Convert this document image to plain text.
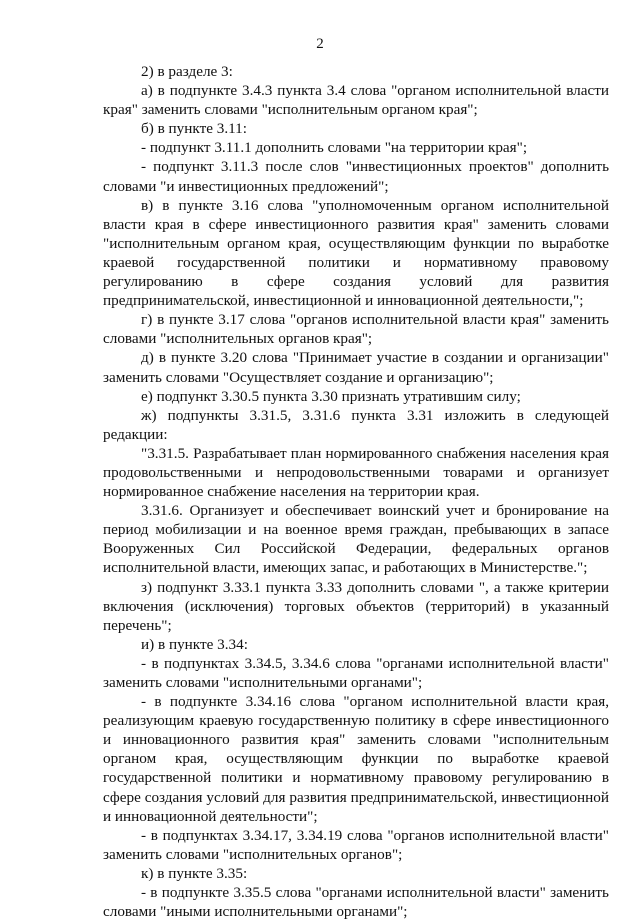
2

2) в разделе 3:

а) в подпункте 3.4.3 пункта 3.4 слова "органом исполнительной власти края" заменить словами "исполнительным органом края";

б) в пункте 3.11:

- подпункт 3.11.1 дополнить словами "на территории края";

- подпункт 3.11.3 после слов "инвестиционных проектов" дополнить словами "и инвестиционных предложений";

в) в пункте 3.16 слова "уполномоченным органом исполнительной власти края в сфере инвестиционного развития края" заменить словами "исполнительным органом края, осуществляющим функции по выработке краевой государственной политики и нормативному правовому регулированию в сфере создания условий для развития предпринимательской, инвестиционной и инновационной деятельности,";

г) в пункте 3.17 слова "органов исполнительной власти края" заменить словами "исполнительных органов края";

д) в пункте 3.20 слова "Принимает участие в создании и организации" заменить словами "Осуществляет создание и организацию";

е) подпункт 3.30.5 пункта 3.30 признать утратившим силу;

ж) подпункты 3.31.5, 3.31.6 пункта 3.31 изложить в следующей редакции:

"3.31.5. Разрабатывает план нормированного снабжения населения края продовольственными и непродовольственными товарами и организует нормированное снабжение населения на территории края.

3.31.6. Организует и обеспечивает воинский учет и бронирование на период мобилизации и на военное время граждан, пребывающих в запасе Вооруженных Сил Российской Федерации, федеральных органов исполнительной власти, имеющих запас, и работающих в Министерстве.";

з) подпункт 3.33.1 пункта 3.33 дополнить словами ", а также критерии включения (исключения) торговых объектов (территорий) в указанный перечень";

и) в пункте 3.34:

- в подпунктах 3.34.5, 3.34.6 слова "органами исполнительной власти" заменить словами "исполнительными органами";

- в подпункте 3.34.16 слова "органом исполнительной власти края, реализующим краевую государственную политику в сфере инвестиционного и инновационного развития края" заменить словами "исполнительным органом края, осуществляющим функции по выработке краевой государственной политики и нормативному правовому регулированию в сфере создания условий для развития предпринимательской, инвестиционной и инновационной деятельности";

- в подпунктах 3.34.17, 3.34.19 слова "органов исполнительной власти" заменить словами "исполнительных органов";

к) в пункте 3.35:

- в подпункте 3.35.5 слова "органами исполнительной власти" заменить словами "иными исполнительными органами";
